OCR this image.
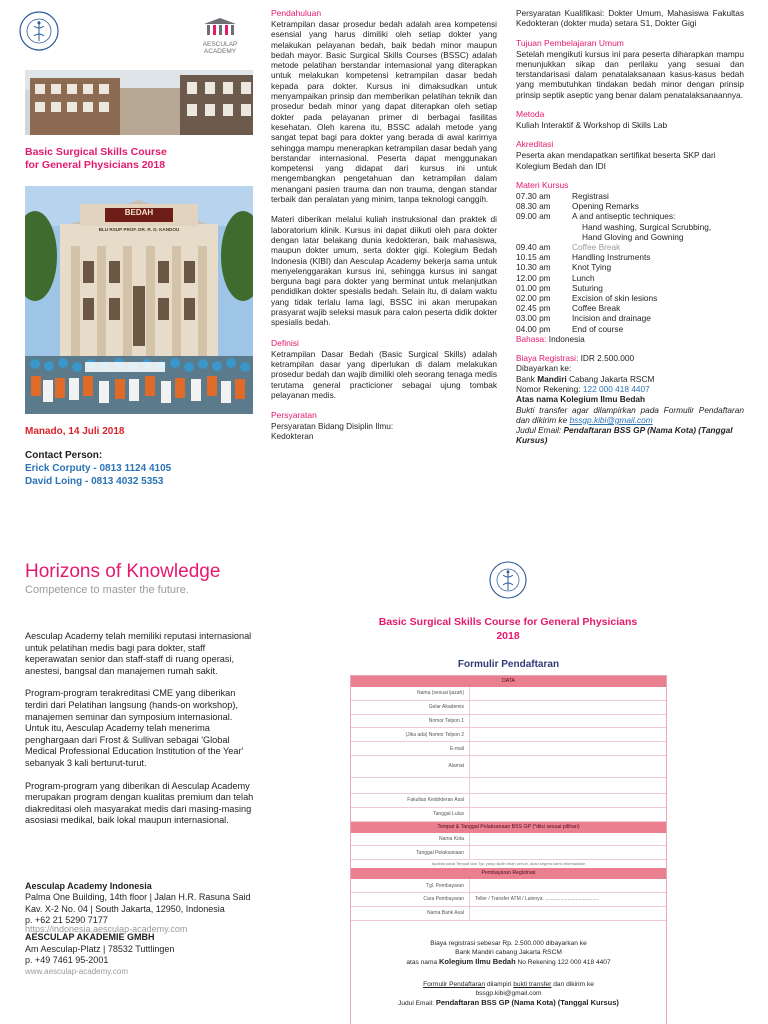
AESCULAP
ACADEMY
Basic Surgical Skills Course
for General Physicians 2018
BEDAH
BLU RSUP PROF. DR. R. D. KANDOU
Manado, 14 Juli 2018
Contact Person:
Erick Corputy - 0813 1124 4105
David Loing - 0813 4032 5353
Pendahuluan
Ketrampilan dasar prosedur bedah adalah area kompetensi esensial yang harus dimiliki oleh setiap dokter yang melakukan pelayanan bedah, baik bedah minor maupun bedah mayor. Basic Surgical Skills Courses (BSSC) adalah metode pelatihan berstandar internasional yang diterapkan untuk melakukan kompetensi ketrampilan dasar bedah kepada para dokter. Kursus ini dimaksudkan untuk menyampaikan prinsip dan memberikan pelatihan teknik dan prosedur bedah minor yang dapat diterapkan oleh setiap dokter pada pelayanan primer di berbagai fasilitas kesehatan. Oleh karena itu, BSSC adalah metode yang sangat tepat bagi para dokter yang berada di awal karirnya sehingga mampu menerapkan ketrampilan dasar bedah yang berstandar internasional. Peserta dapat menggunakan kompetensi yang didapat dari kursus ini untuk mengembangkan pengetahuan dan ketrampilan dalam menangani pasien trauma dan non trauma, dengan standar terbaik dan peralatan yang minim, tanpa teknologi canggih.
Materi diberikan melalui kuliah instruksional dan praktek di laboratorium klinik. Kursus ini dapat diikuti oleh para dokter dengan latar belakang dunia kedokteran, baik mahasiswa, maupun dokter umum, serta dokter gigi. Kolegium Bedah Indonesia (KIBI) dan Aesculap Academy bekerja sama untuk menyelenggarakan kursus ini, sehingga kursus ini sangat berguna bagi para dokter yang berminat untuk melanjutkan pendidikan dokter spesialis bedah. Selain itu, di dalam waktu yang tidak terlalu lama lagi, BSSC ini akan merupakan prasyarat wajib seleksi masuk para calon peserta didik dokter spesialis bedah.
Definisi
Ketrampilan Dasar Bedah (Basic Surgical Skills) adalah ketrampilan dasar yang diperlukan di dalam melakukan prosedur bedah dan wajib dimiliki oleh seorang tenaga medis terutama general practicioner sebagai ujung tombak pelayanan medis.
Persyaratan
Persyaratan Bidang Disiplin Ilmu:
Kedokteran
Persyaratan Kualifikasi: Dokter Umum, Mahasiswa Fakultas Kedokteran (dokter muda) setara S1, Dokter Gigi
Tujuan Pembelajaran Umum
Setelah mengikuti kursus ini para peserta diharapkan mampu menunjukkan sikap dan perilaku yang sesuai dan terstandarisasi dalam penatalaksanaan kasus-kasus bedah yang membutuhkan tindakan bedah minor dengan prinsip prinsip septik aseptic yang benar dalam penatalaksanaannya.
Metoda
Kuliah Interaktif & Workshop di Skills Lab
Akreditasi
Peserta akan mendapatkan sertifikat beserta SKP dari Kolegium Bedah dan IDI
Materi Kursus
07.30 am	Registrasi
08.30 am	Opening Remarks
09.00 am	A and antiseptic techniques:
	Hand washing, Surgical Scrubbing,
	Hand Gloving and Gowning
09.40 am	Coffee Break
10.15 am	Handling Instruments
10.30 am	Knot Tying
12.00 pm	Lunch
01.00 pm	Suturing
02.00 pm	Excision of skin lesions
02.45 pm	Coffee Break
03.00 pm	Incision and drainage
04.00 pm	End of course
Bahasa: Indonesia
Biaya Registrasi: IDR 2.500.000
Dibayarkan ke:
Bank Mandiri Cabang Jakarta RSCM
Nomor Rekening: 122 000 418 4407
Atas nama Kolegium Ilmu Bedah
Bukti transfer agar dilampirkan pada Formulir Pendaftaran dan dikirim ke bssgp.kibi@gmail.com
Judul Email: Pendaftaran BSS GP (Nama Kota) (Tanggal Kursus)
Horizons of Knowledge
Competence to master the future.
Aesculap Academy telah memiliki reputasi internasional untuk pelatihan medis bagi para dokter, staff keperawatan senior dan staff-staff di ruang operasi, anestesi, bangsal dan manajemen rumah sakit.
Program-program terakreditasi CME yang diberikan terdiri dari Pelatihan langsung (hands-on workshop), manajemen seminar dan symposium internasional. Untuk itu, Aesculap Academy telah menerima penghargaan dari Frost & Sullivan sebagai 'Global Medical Professional Education Institution of the Year' sebanyak 3 kali berturut-turut.
Program-program yang diberikan di Aesculap Academy merupakan program dengan kualitas premium dan telah diakreditasi oleh masyarakat medis dari masing-masing asosiasi medikal, baik lokal maupun internasional.
Aesculap Academy Indonesia
Palma One Building, 14th floor | Jalan H.R. Rasuna Said
Kav. X-2 No. 04 | South Jakarta, 12950, Indonesia
p. +62 21 5290 7177
https://indonesia.aesculap-academy.com
AESCULAP AKADEMIE GMBH
Am Aesculap-Platz | 78532 Tuttlingen
p. +49 7461 95-2001
www.aesculap-academy.com
Basic Surgical Skills Course for General Physicians
2018
Formulir Pendaftaran
DATA
Nama (sesuai ijazah)
Gelar Akademis
Nomor Telpon 1
(Jika ada) Nomor Telpon 2
E-mail
Alamat
Fakultas Kedokteran Asal
Tanggal Lulus
Tempat & Tanggal Pelaksanaan BSS GP (*diisi sesuai pilihan)
Nama Kota
Tanggal Pelaksanaan
Apabila pada Tempat dan Tgl. yang dipilih telah penuh, akan segera kami informasikan
Pembayaran Registrasi
Tgl. Pembayaran
Cara Pembayaran	Teller / Transfer ATM / Lainnya: ......................................
Nama Bank Asal
Biaya registrasi sebesar Rp. 2.500.000 dibayarkan ke
Bank Mandiri cabang Jakarta RSCM
atas nama Kolegium Ilmu Bedah No Rekening 122 000 418 4407
Formulir Pendaftaran dilampiri bukti transfer dan dikirim ke
bssgp.kibi@gmail.com
Judul Email: Pendaftaran BSS GP (Nama Kota) (Tanggal Kursus)
